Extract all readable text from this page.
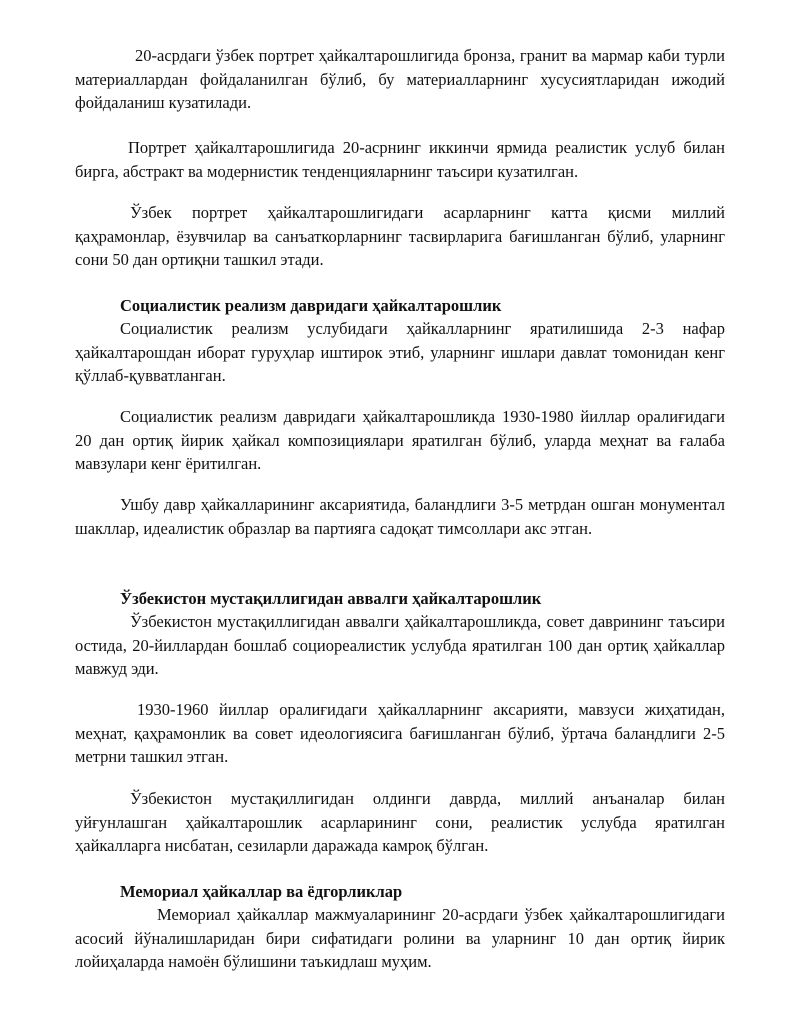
20-асрдаги ўзбек портрет ҳайкалтарошлигида бронза, гранит ва мармар каби турли материаллардан фойдаланилган бўлиб, бу материалларнинг хусусиятларидан ижодий фойдаланиш кузатилади.

Портрет ҳайкалтарошлигида 20-асрнинг иккинчи ярмида реалистик услуб билан бирга, абстракт ва модернистик тенденцияларнинг таъсири кузатилган.

Ўзбек портрет ҳайкалтарошлигидаги асарларнинг катта қисми миллий қаҳрамонлар, ёзувчилар ва санъаткорларнинг тасвирларига бағишланган бўлиб, уларнинг сони 50 дан ортиқни ташкил этади.

Социалистик реализм давридаги ҳайкалтарошлик

Социалистик реализм услубидаги ҳайкалларнинг яратилишида 2-3 нафар ҳайкалтарошдан иборат гуруҳлар иштирок этиб, уларнинг ишлари давлат томонидан кенг қўллаб-қувватланган.

Социалистик реализм давридаги ҳайкалтарошликда 1930-1980 йиллар оралиғидаги 20 дан ортиқ йирик ҳайкал композициялари яратилган бўлиб, уларда меҳнат ва ғалаба мавзулари кенг ёритилган.

Ушбу давр ҳайкалларининг аксариятида, баландлиги 3-5 метрдан ошган монументал шакллар, идеалистик образлар ва партияга садоқат тимсоллари акс этган.

Ўзбекистон мустақиллигидан аввалги ҳайкалтарошлик

Ўзбекистон мустақиллигидан аввалги ҳайкалтарошликда, совет даврининг таъсири остида, 20-йиллардан бошлаб социореалистик услубда яратилган 100 дан ортиқ ҳайкаллар мавжуд эди.

1930-1960 йиллар оралиғидаги ҳайкалларнинг аксарияти, мавзуси жиҳатидан, меҳнат, қаҳрамонлик ва совет идеологиясига бағишланган бўлиб, ўртача баландлиги 2-5 метрни ташкил этган.

Ўзбекистон мустақиллигидан олдинги даврда, миллий анъаналар билан уйғунлашган ҳайкалтарошлик асарларининг сони, реалистик услубда яратилган ҳайкалларга нисбатан, сезиларли даражада камроқ бўлган.

Мемориал ҳайкаллар ва ёдгорликлар

Мемориал ҳайкаллар мажмуаларининг 20-асрдаги ўзбек ҳайкалтарошлигидаги асосий йўналишларидан бири сифатидаги ролини ва уларнинг 10 дан ортиқ йирик лойиҳаларда намоён бўлишини таъкидлаш муҳим.
